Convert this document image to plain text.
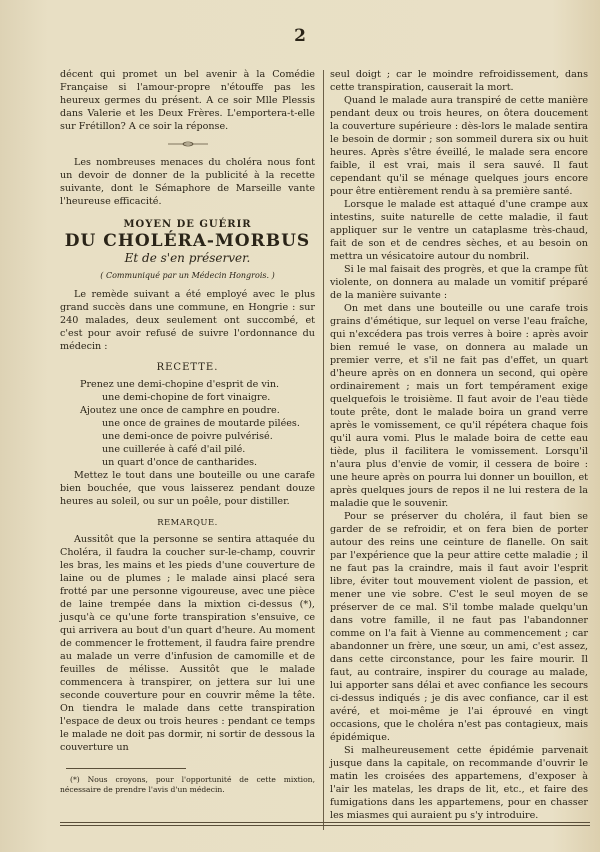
2

décent qui promet un bel avenir à la Comédie Française si l'amour-propre n'étouffe pas les heureux germes du présent. A ce soir Mlle Plessis dans Valerie et les Deux Frères. L'emportera-t-elle sur Frétillon? A ce soir la réponse.

Les nombreuses menaces du choléra nous font un devoir de donner de la publicité à la recette suivante, dont le Sémaphore de Marseille vante l'heureuse efficacité.

MOYEN DE GUÉRIR
DU CHOLÉRA-MORBUS
Et de s'en préserver.
( Communiqué par un Médecin Hongrois. )

Le remède suivant a été employé avec le plus grand succès dans une commune, en Hongrie : sur 240 malades, deux seulement ont succombé, et c'est pour avoir refusé de suivre l'ordonnance du médecin :

RECETTE.

Prenez une demi-chopine d'esprit de vin.

une demi-chopine de fort vinaigre.

Ajoutez une once de camphre en poudre.

une once de graines de moutarde pilées.

une demi-once de poivre pulvérisé.

une cuillerée à café d'ail pilé.

un quart d'once de cantharides.

Mettez le tout dans une bouteille ou une carafe bien bouchée, que vous laisserez pendant douze heures au soleil, ou sur un poêle, pour distiller.

REMARQUE.

Aussitôt que la personne se sentira attaquée du Choléra, il faudra la coucher sur-le-champ, couvrir les bras, les mains et les pieds d'une couverture de laine ou de plumes ; le malade ainsi placé sera frotté par une personne vigoureuse, avec une pièce de laine trempée dans la mixtion ci-dessus (*), jusqu'à ce qu'une forte transpiration s'ensuive, ce qui arrivera au bout d'un quart d'heure. Au moment de commencer le frottement, il faudra faire prendre au malade un verre d'infusion de camomille et de feuilles de mélisse. Aussitôt que le malade commencera à transpirer, on jettera sur lui une seconde couverture pour en couvrir même la tête. On tiendra le malade dans cette transpiration l'espace de deux ou trois heures : pendant ce temps le malade ne doit pas dormir, ni sortir de dessous la couverture un

(*) Nous croyons, pour l'opportunité de cette mixtion, nécessaire de prendre l'avis d'un médecin.

seul doigt ; car le moindre refroidissement, dans cette transpiration, causerait la mort.

Quand le malade aura transpiré de cette manière pendant deux ou trois heures, on ôtera doucement la couverture supérieure : dès-lors le malade sentira le besoin de dormir ; son sommeil durera six ou huit heures. Après s'être éveillé, le malade sera encore faible, il est vrai, mais il sera sauvé. Il faut cependant qu'il se ménage quelques jours encore pour être entièrement rendu à sa première santé.

Lorsque le malade est attaqué d'une crampe aux intestins, suite naturelle de cette maladie, il faut appliquer sur le ventre un cataplasme très-chaud, fait de son et de cendres sèches, et au besoin on mettra un vésicatoire autour du nombril.

Si le mal faisait des progrès, et que la crampe fût violente, on donnera au malade un vomitif préparé de la manière suivante :

On met dans une bouteille ou une carafe trois grains d'émétique, sur lequel on verse l'eau fraîche, qui n'excédera pas trois verres à boire : après avoir bien remué le vase, on donnera au malade un premier verre, et s'il ne fait pas d'effet, un quart d'heure après on en donnera un second, qui opère ordinairement ; mais un fort tempérament exige quelquefois le troisième. Il faut avoir de l'eau tiède toute prête, dont le malade boira un grand verre après le vomissement, ce qu'il répétera chaque fois qu'il aura vomi. Plus le malade boira de cette eau tiède, plus il facilitera le vomissement. Lorsqu'il n'aura plus d'envie de vomir, il cessera de boire : une heure après on pourra lui donner un bouillon, et après quelques jours de repos il ne lui restera de la maladie que le souvenir.

Pour se préserver du choléra, il faut bien se garder de se refroidir, et on fera bien de porter autour des reins une ceinture de flanelle. On sait par l'expérience que la peur attire cette maladie ; il ne faut pas la craindre, mais il faut avoir l'esprit libre, éviter tout mouvement violent de passion, et mener une vie sobre. C'est le seul moyen de se préserver de ce mal. S'il tombe malade quelqu'un dans votre famille, il ne faut pas l'abandonner comme on l'a fait à Vienne au commencement ; car abandonner un frère, une sœur, un ami, c'est assez, dans cette circonstance, pour les faire mourir. Il faut, au contraire, inspirer du courage au malade, lui apporter sans délai et avec confiance les secours ci-dessus indiqués ; je dis avec confiance, car il est avéré, et moi-même je l'ai éprouvé en vingt occasions, que le choléra n'est pas contagieux, mais épidémique.

Si malheureusement cette épidémie parvenait jusque dans la capitale, on recommande d'ouvrir le matin les croisées des appartemens, d'exposer à l'air les matelas, les draps de lit, etc., et faire des fumigations dans les appartemens, pour en chasser les miasmes qui auraient pu s'y introduire.
